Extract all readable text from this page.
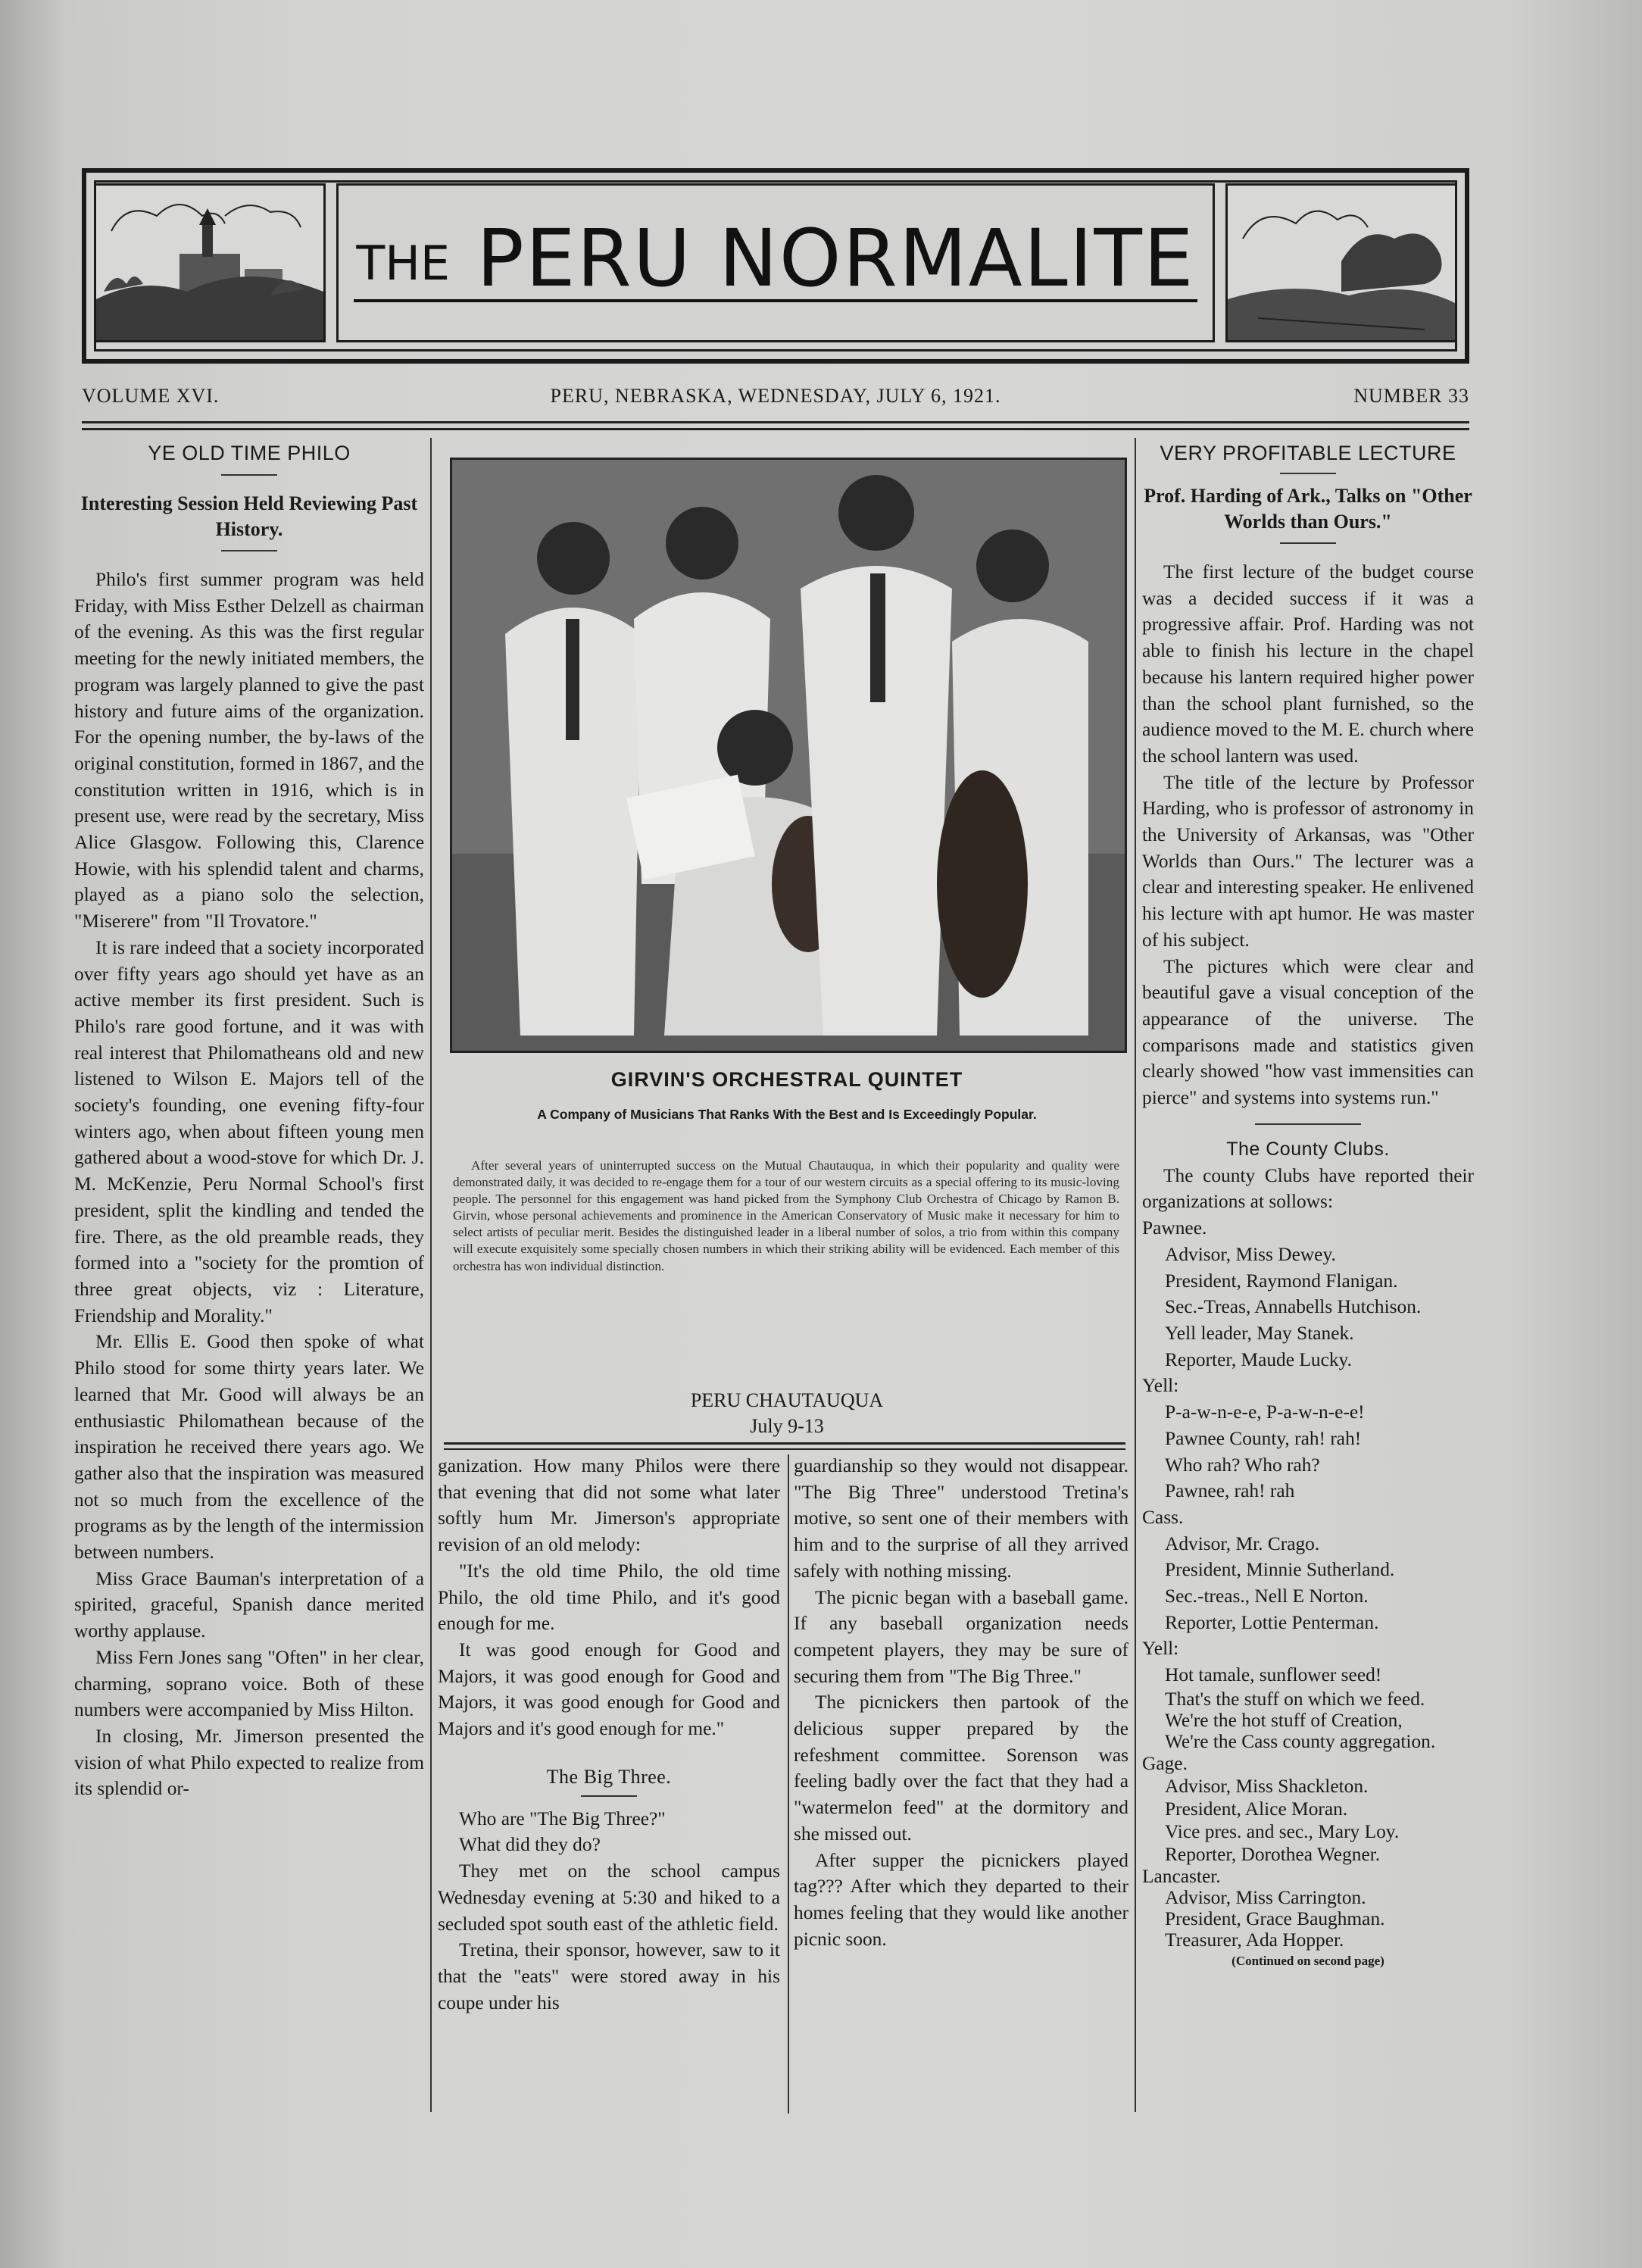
THE PERU NORMALITE
VOLUME XVI.	PERU, NEBRASKA, WEDNESDAY, JULY 6, 1921.	NUMBER 33
YE OLD TIME PHILO
Interesting Session Held Reviewing Past History.

Philo's first summer program was held Friday, with Miss Esther Delzell as chairman of the evening. As this was the first regular meeting for the newly initiated members, the program was largely planned to give the past history and future aims of the organization. For the opening number, the by-laws of the original constitution, formed in 1867, and the constitution written in 1916, which is in present use, were read by the secretary, Miss Alice Glasgow. Following this, Clarence Howie, with his splendid talent and charms, played as a piano solo the selection, "Miserere" from "Il Trovatore."

It is rare indeed that a society incorporated over fifty years ago should yet have as an active member its first president. Such is Philo's rare good fortune, and it was with real interest that Philomatheans old and new listened to Wilson E. Majors tell of the society's founding, one evening fifty-four winters ago, when about fifteen young men gathered about a wood-stove for which Dr. J. M. McKenzie, Peru Normal School's first president, split the kindling and tended the fire. There, as the old preamble reads, they formed into a "society for the promtion of three great objects, viz : Literature, Friendship and Morality."

Mr. Ellis E. Good then spoke of what Philo stood for some thirty years later. We learned that Mr. Good will always be an enthusiastic Philomathean because of the inspiration he received there years ago. We gather also that the inspiration was measured not so much from the excellence of the programs as by the length of the intermission between numbers.

Miss Grace Bauman's interpretation of a spirited, graceful, Spanish dance merited worthy applause.

Miss Fern Jones sang "Often" in her clear, charming, soprano voice. Both of these numbers were accompanied by Miss Hilton.

In closing, Mr. Jimerson presented the vision of what Philo expected to realize from its splendid or-

GIRVIN'S ORCHESTRAL QUINTET
A Company of Musicians That Ranks With the Best and Is Exceedingly Popular.

After several years of uninterrupted success on the Mutual Chautauqua, in which their popularity and quality were demonstrated daily, it was decided to re-engage them for a tour of our western circuits as a special offering to its music-loving people. The personnel for this engagement was hand picked from the Symphony Club Orchestra of Chicago by Ramon B. Girvin, whose personal achievements and prominence in the American Conservatory of Music make it necessary for him to select artists of peculiar merit. Besides the distinguished leader in a liberal number of solos, a trio from within this company will execute exquisitely some specially chosen numbers in which their striking ability will be evidenced. Each member of this orchestra has won individual distinction.

PERU CHAUTAUQUA
July 9-13

ganization. How many Philos were there that evening that did not some what later softly hum Mr. Jimerson's appropriate revision of an old melody:

"It's the old time Philo, the old time Philo, the old time Philo, and it's good enough for me.

It was good enough for Good and Majors, it was good enough for Good and Majors, it was good enough for Good and Majors and it's good enough for me."

The Big Three.

Who are "The Big Three?"

What did they do?

They met on the school campus Wednesday evening at 5:30 and hiked to a secluded spot south east of the athletic field.

Tretina, their sponsor, however, saw to it that the "eats" were stored away in his coupe under his

guardianship so they would not disappear. "The Big Three" understood Tretina's motive, so sent one of their members with him and to the surprise of all they arrived safely with nothing missing.

The picnic began with a baseball game. If any baseball organization needs competent players, they may be sure of securing them from "The Big Three."

The picnickers then partook of the delicious supper prepared by the refeshment committee. Sorenson was feeling badly over the fact that they had a "watermelon feed" at the dormitory and she missed out.

After supper the picnickers played tag??? After which they departed to their homes feeling that they would like another picnic soon.

VERY PROFITABLE LECTURE
Prof. Harding of Ark., Talks on "Other Worlds than Ours."

The first lecture of the budget course was a decided success if it was a progressive affair. Prof. Harding was not able to finish his lecture in the chapel because his lantern required higher power than the school plant furnished, so the audience moved to the M. E. church where the school lantern was used.

The title of the lecture by Professor Harding, who is professor of astronomy in the University of Arkansas, was "Other Worlds than Ours." The lecturer was a clear and interesting speaker. He enlivened his lecture with apt humor. He was master of his subject.

The pictures which were clear and beautiful gave a visual conception of the appearance of the universe. The comparisons made and statistics given clearly showed "how vast immensities can pierce" and systems into systems run."

The County Clubs.

The county Clubs have reported their organizations at sollows:

Pawnee.
Advisor, Miss Dewey.
President, Raymond Flanigan.
Sec.-Treas, Annabells Hutchison.
Yell leader, May Stanek.
Reporter, Maude Lucky.
Yell:
P-a-w-n-e-e, P-a-w-n-e-e!
Pawnee County, rah! rah!
Who rah? Who rah?
Pawnee, rah! rah
Cass.
Advisor, Mr. Crago.
President, Minnie Sutherland.
Sec.-treas., Nell E Norton.
Reporter, Lottie Penterman.
Yell:
Hot tamale, sunflower seed!
That's the stuff on which we feed.
We're the hot stuff of Creation,
We're the Cass county aggregation.
Gage.
Advisor, Miss Shackleton.
President, Alice Moran.
Vice pres. and sec., Mary Loy.
Reporter, Dorothea Wegner.
Lancaster.
Advisor, Miss Carrington.
President, Grace Baughman.
Treasurer, Ada Hopper.
(Continued on second page)
